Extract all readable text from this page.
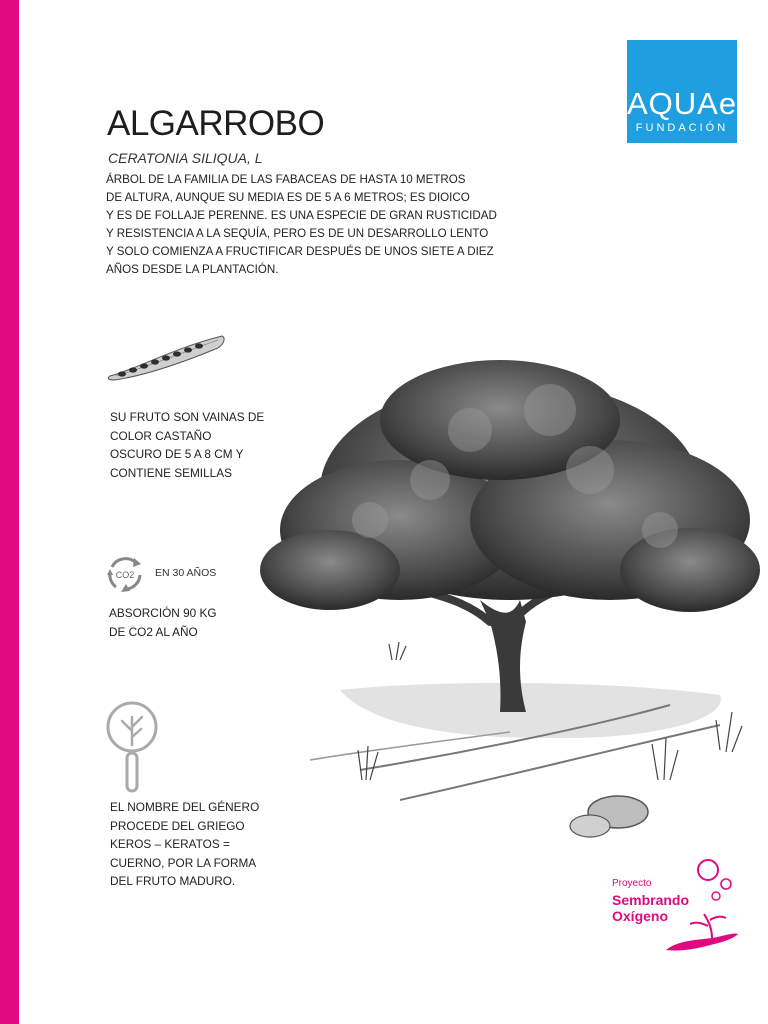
AQUAe
FUNDACIÓN
ALGARROBO
CERATONIA SILIQUA, L
ÁRBOL DE LA FAMILIA DE LAS FABACEAS DE HASTA 10 METROS
DE ALTURA, AUNQUE SU MEDIA ES DE 5 A 6 METROS; ES DIOICO
Y ES DE FOLLAJE PERENNE. ES UNA ESPECIE DE GRAN RUSTICIDAD
Y RESISTENCIA A LA SEQUÍA, PERO ES DE UN DESARROLLO LENTO
Y SOLO COMIENZA A FRUCTIFICAR DESPUÉS DE UNOS SIETE A DIEZ
AÑOS DESDE LA PLANTACIÓN.
SU FRUTO SON VAINAS DE
COLOR CASTAÑO
OSCURO DE 5 A 8 CM Y
CONTIENE SEMILLAS
CO2 EN 30 AÑOS
ABSORCIÓN 90 KG
DE CO2 AL AÑO
EL NOMBRE DEL GÉNERO
PROCEDE DEL GRIEGO
KEROS – KERATOS =
CUERNO, POR LA FORMA
DEL FRUTO MADURO.	Proyecto
Sembrando
Oxígeno
